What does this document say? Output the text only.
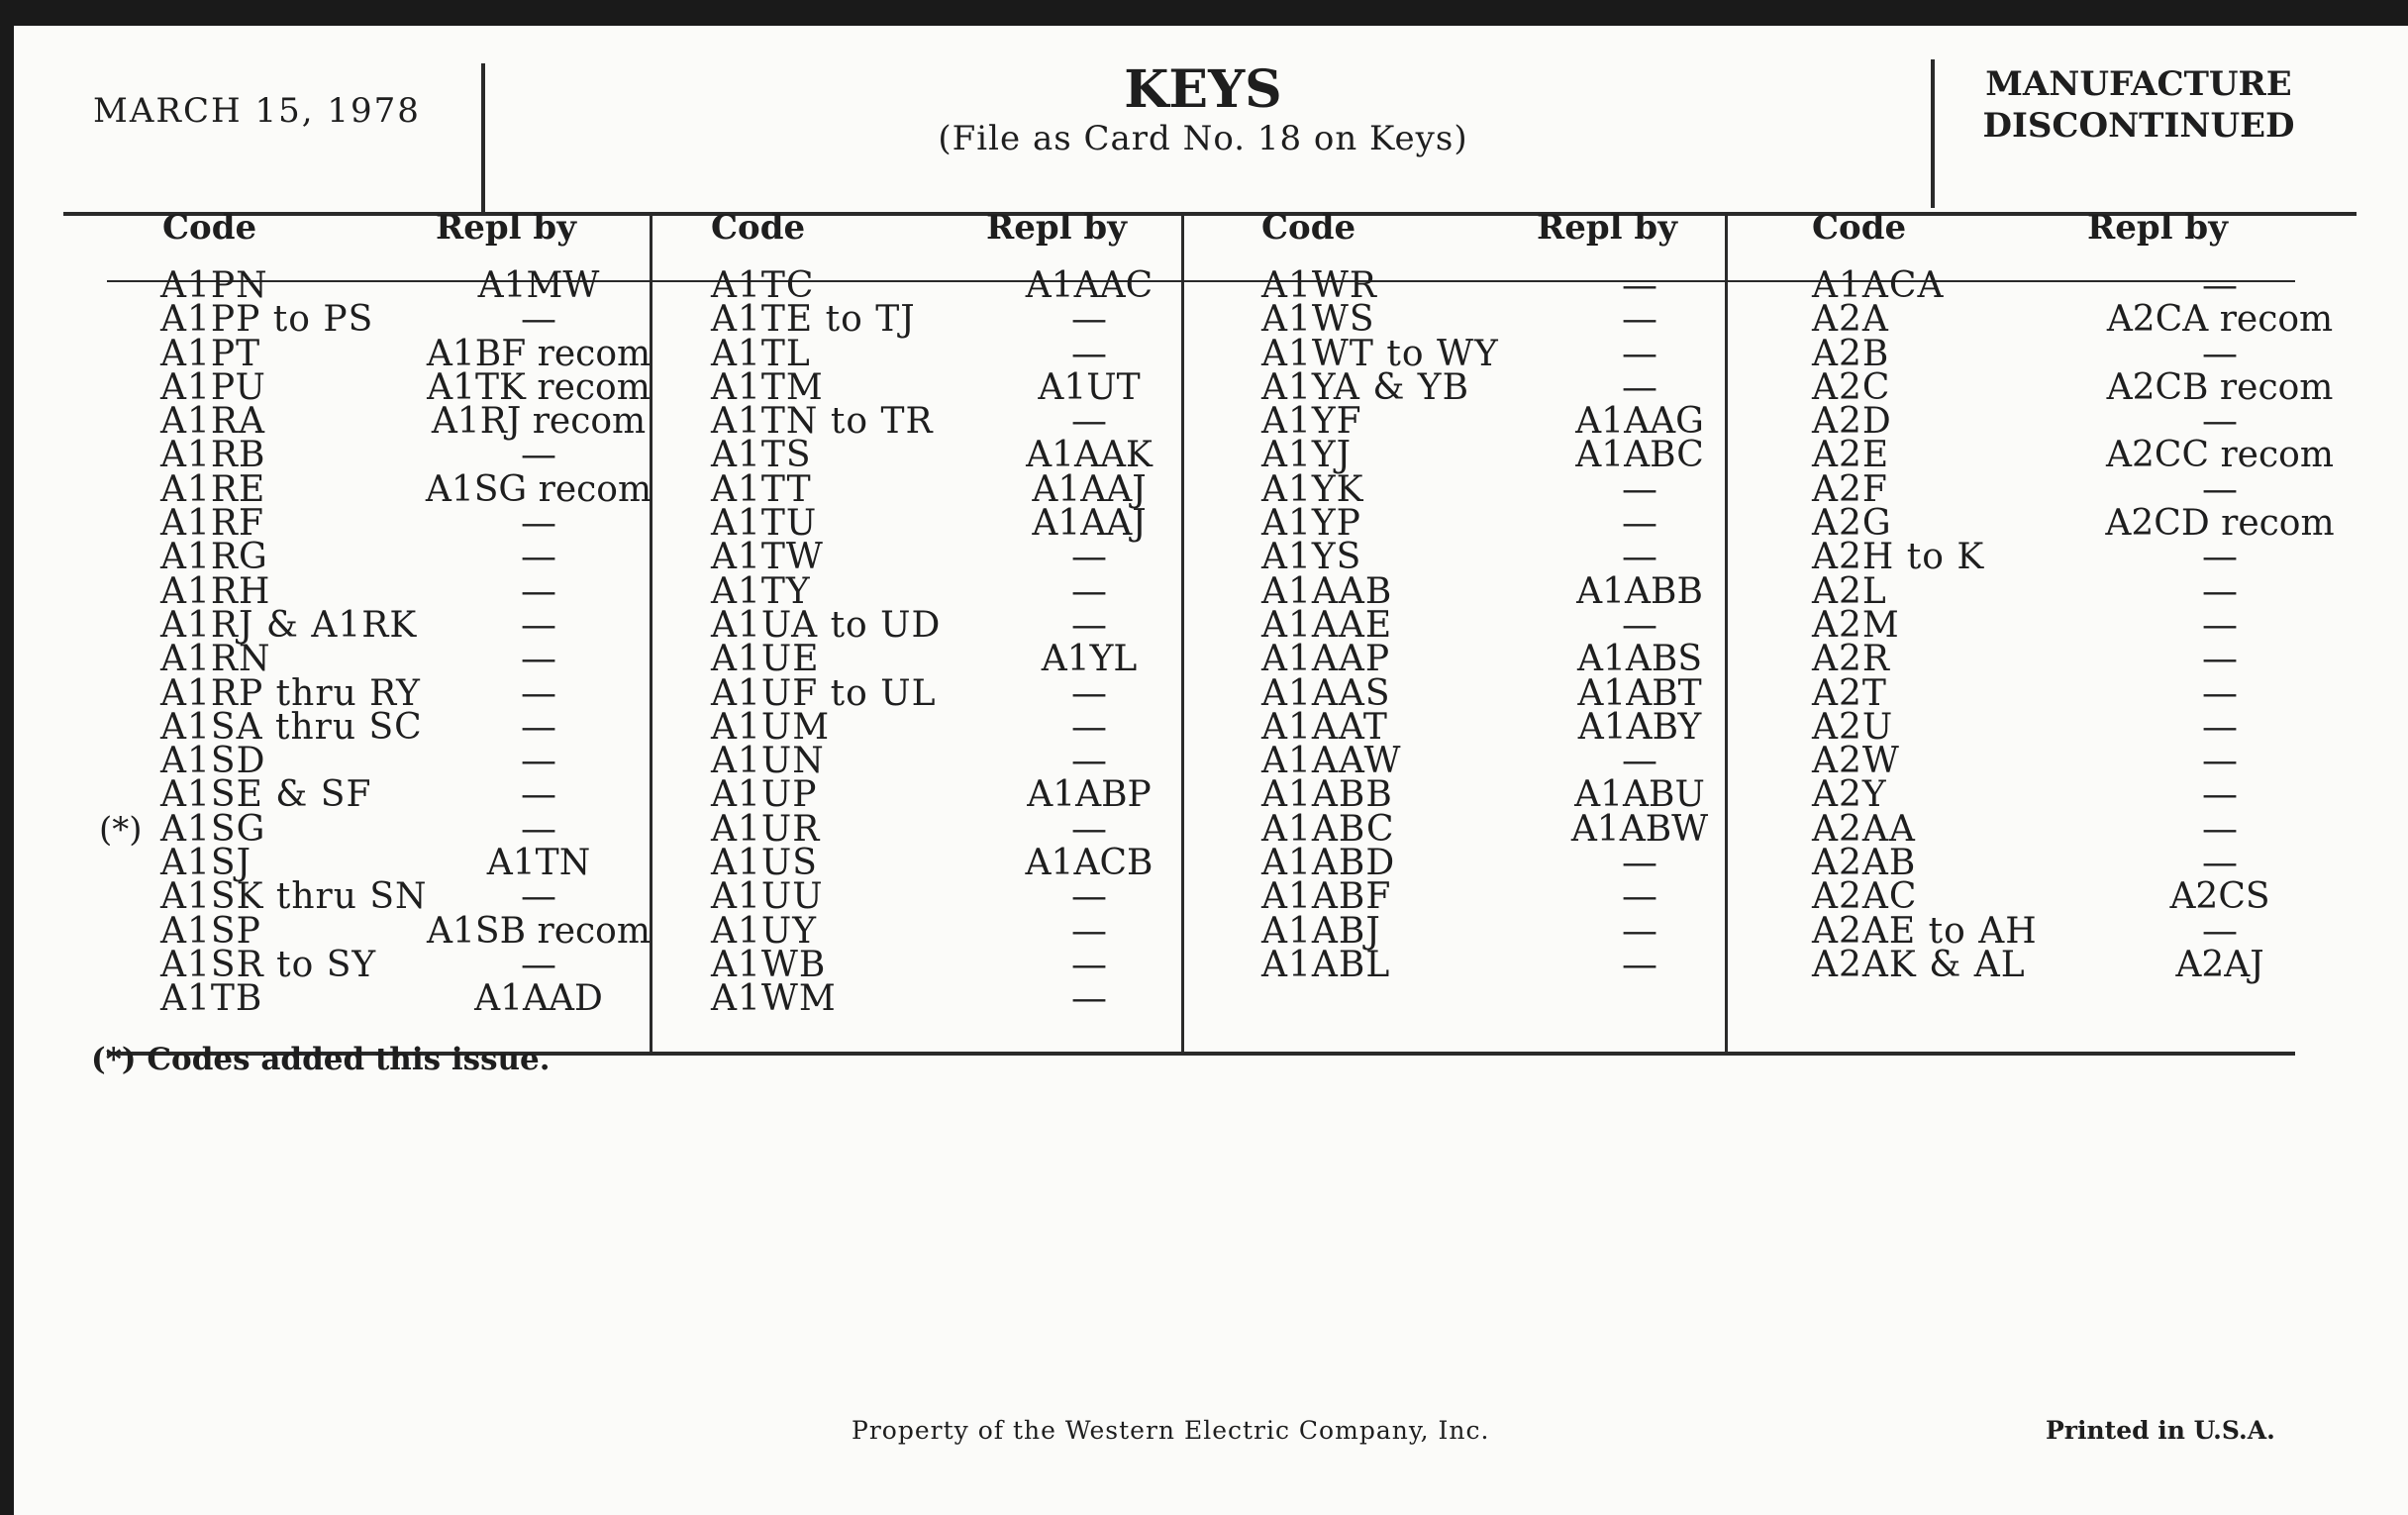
MARCH 15, 1978	KEYS
(File as Card No. 18 on Keys)
MANUFACTURE
DISCONTINUED
Code	Repl by	Code	Repl by	Code	Repl by	Code	Repl by
A1PN	A1MW
A1PP to PS	—
A1PT	A1BF recom
A1PU	A1TK recom
A1RA	A1RJ recom
A1RB	—
A1RE	A1SG recom
A1RF	—
A1RG	—
A1RH	—
A1RJ & A1RK	—
A1RN	—
A1RP thru RY	—
A1SA thru SC	—
A1SD	—
A1SE & SF	—
(*) A1SG	—
A1SJ	A1TN
A1SK thru SN	—
A1SP	A1SB recom
A1SR to SY	—
A1TB	A1AAD
A1TC	A1AAC
A1TE to TJ	—
A1TL	—
A1TM	A1UT
A1TN to TR	—
A1TS	A1AAK
A1TT	A1AAJ
A1TU	A1AAJ
A1TW	—
A1TY	—
A1UA to UD	—
A1UE	A1YL
A1UF to UL	—
A1UM	—
A1UN	—
A1UP	A1ABP
A1UR	—
A1US	A1ACB
A1UU	—
A1UY	—
A1WB	—
A1WM	—
A1WR	—
A1WS	—
A1WT to WY	—
A1YA & YB	—
A1YF	A1AAG
A1YJ	A1ABC
A1YK	—
A1YP	—
A1YS	—
A1AAB	A1ABB
A1AAE	—
A1AAP	A1ABS
A1AAS	A1ABT
A1AAT	A1ABY
A1AAW	—
A1ABB	A1ABU
A1ABC	A1ABW
A1ABD	—
A1ABF	—
A1ABJ	—
A1ABL	—
A1ACA	—
A2A	A2CA recom
A2B	—
A2C	A2CB recom
A2D	—
A2E	A2CC recom
A2F	—
A2G	A2CD recom
A2H to K	—
A2L	—
A2M	—
A2R	—
A2T	—
A2U	—
A2W	—
A2Y	—
A2AA	—
A2AB	—
A2AC	A2CS
A2AE to AH	—
A2AK & AL	A2AJ
(*) Codes added this issue.
Property of the Western Electric Company, Inc.	Printed in U.S.A.
